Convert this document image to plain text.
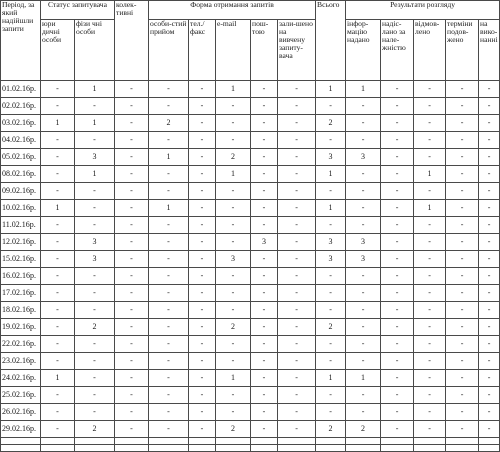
Період, за який надійшли запити	Статус запитувача		колек-тивні	Форма отримання запитів					Всього	Результати розгляду				
	юри дичні особи	фізи чні особи		особи-стий прийом	тел./ факс	e-mail	пош-тою	зали-шено на вивчену запиту-вача		інфор-мацію надано	надіс-лано за нале-жністю	відмов-лено	терміни подов-жено	на вико-нанні
01.02.16р.	-	1	-	-	-	1	-	-	1	1	-	-	-	-
02.02.16р.	-	-	-	-	-	-	-	-	-	-	-	-	-	-
03.02.16р.	1	1	-	2	-	-	-	-	2	-	-	-	-	-
04.02.16р.	-	-	-	-	-	-	-	-	-	-	-	-	-	-
05.02.16р.	-	3	-	1	-	2	-	-	3	3	-	-	-	-
08.02.16р.	-	1	-	-	-	1	-	-	1	-	-	1	-	-
09.02.16р.	-	-	-	-	-	-	-	-	-	-	-	-	-	-
10.02.16р.	1	-	-	1	-	-	-	-	1	-	-	1	-	-
11.02.16р.	-	-	-	-	-	-	-	-	-	-	-	-	-	-
12.02.16р.	-	3	-	-	-	-	3	-	3	3	-	-	-	-
15.02.16р.	-	3	-	-	-	3	-	-	3	3	-	-	-	-
16.02.16р.	-	-	-	-	-	-	-	-	-	-	-	-	-	-
17.02.16р.	-	-	-	-	-	-	-	-	-	-	-	-	-	-
18.02.16р.	-	-	-	-	-	-	-	-	-	-	-	-	-	-
19.02.16р.	-	2	-	-	-	2	-	-	2	-	-	-	-	-
22.02.16р.	-	-	-	-	-	-	-	-	-	-	-	-	-	-
23.02.16р.	-	-	-	-	-	-	-	-	-	-	-	-	-	-
24.02.16р.	1	-	-	-	-	1	-	-	1	1	-	-	-	-
25.02.16р.	-	-	-	-	-	-	-	-	-	-	-	-	-	-
26.02.16р.	-	-	-	-	-	-	-	-	-	-	-	-	-	-
29.02.16р.	-	2	-	-	-	2	-	-	2	2	-	-	-	-
